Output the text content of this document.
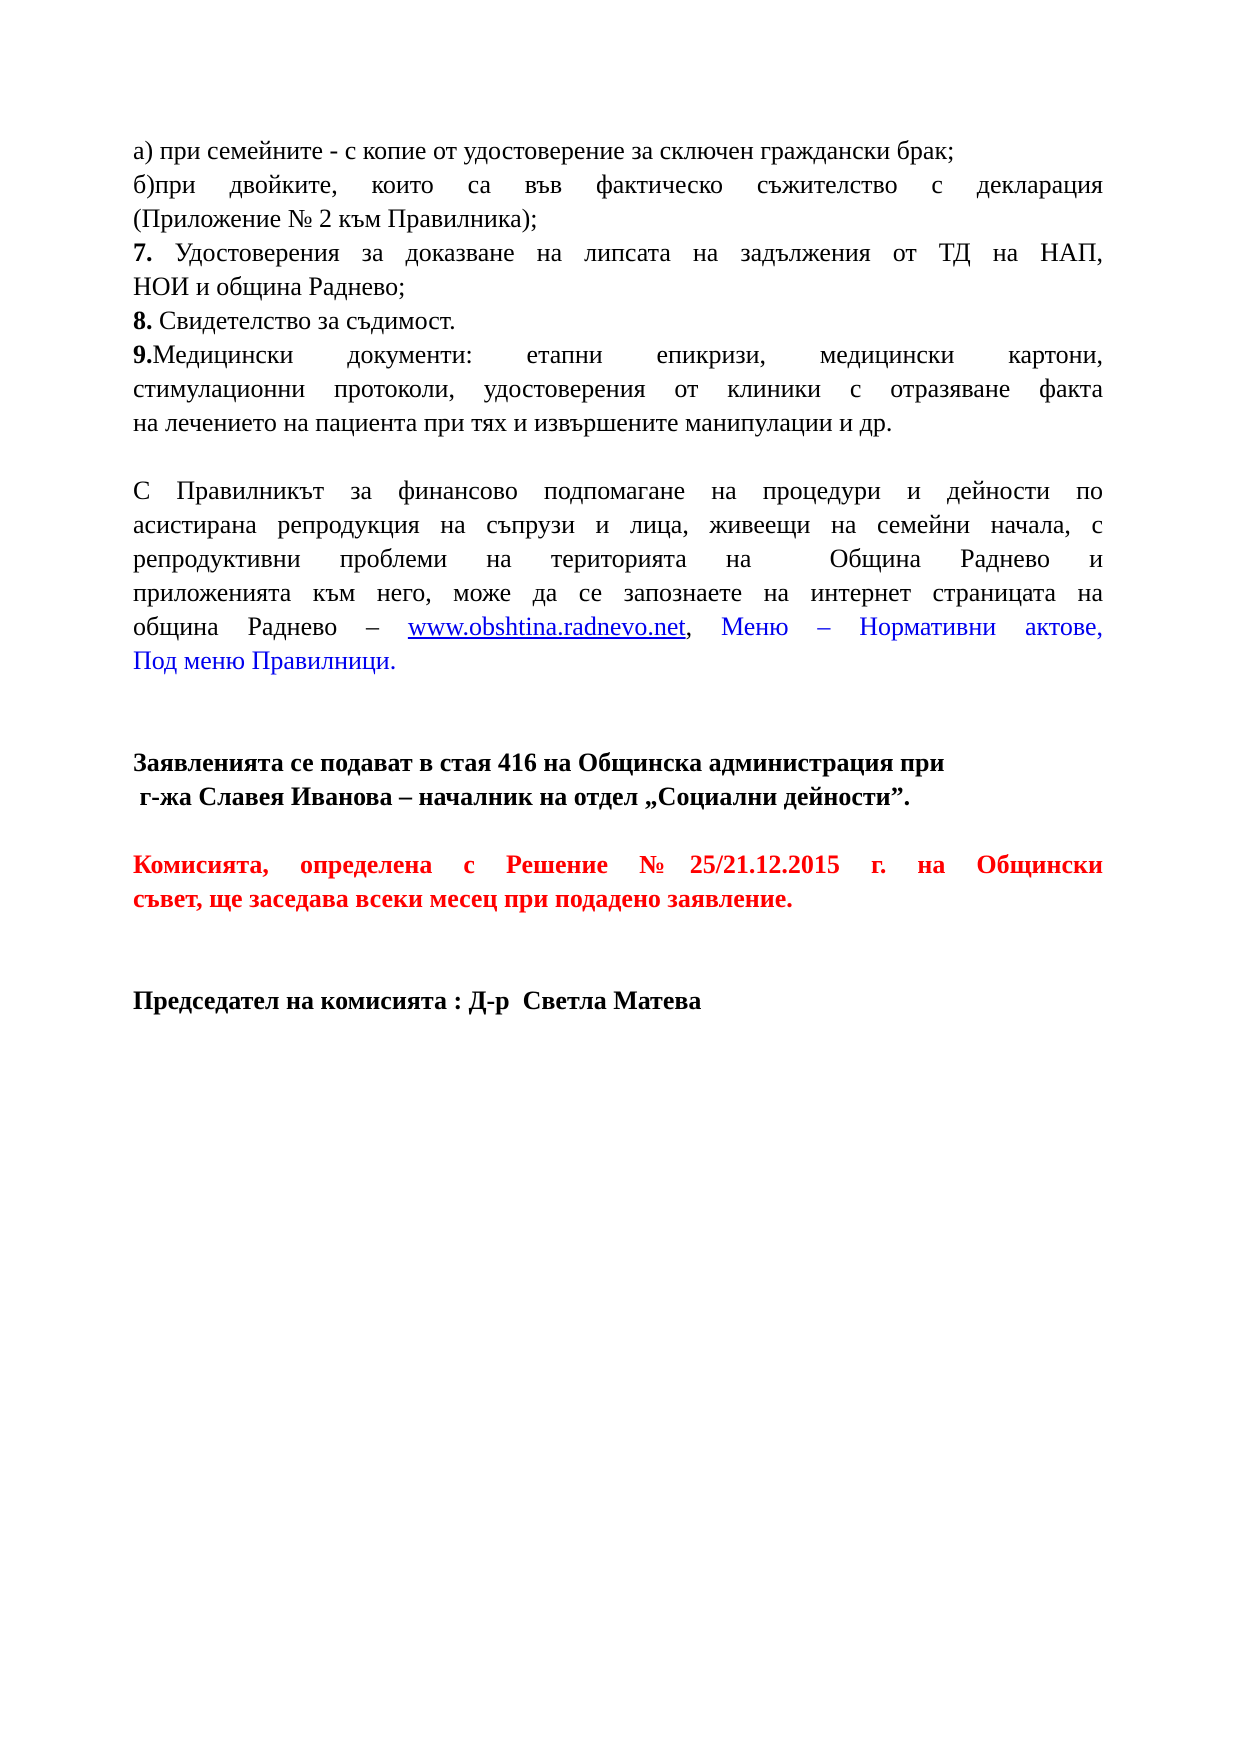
а) при семейните - с копие от удостоверение за сключен граждански брак;
б)при двойките, които са във фактическо съжителство с декларация
(Приложение № 2 към Правилника);
7. Удостоверения за доказване на липсата на задължения от ТД на НАП,
НОИ и община Раднево;
8. Свидетелство за съдимост.
9.Медицински документи: етапни епикризи, медицински картони,
стимулационни протоколи, удостоверения от клиники с отразяване факта
на лечението на пациента при тях и извършените манипулации и др.
С Правилникът за финансово подпомагане на процедури и дейности по
асистирана репродукция на съпрузи и лица, живеещи на семейни начала, с
репродуктивни проблеми на територията на  Община Раднево и
приложенията към него, може да се запознаете на интернет страницата на
община Раднево – www.obshtina.radnevo.net, Меню – Нормативни актове,
Под меню Правилници.
Заявленията се подават в стая 416 на Общинска администрация при
г-жа Славея Иванова – началник на отдел „Социални дейности”.
Комисията, определена с Решение №25/21.12.2015 г. на Общински
съвет, ще заседава всеки месец при подадено заявление.
Председател на комисията : Д-р  Светла Матева
